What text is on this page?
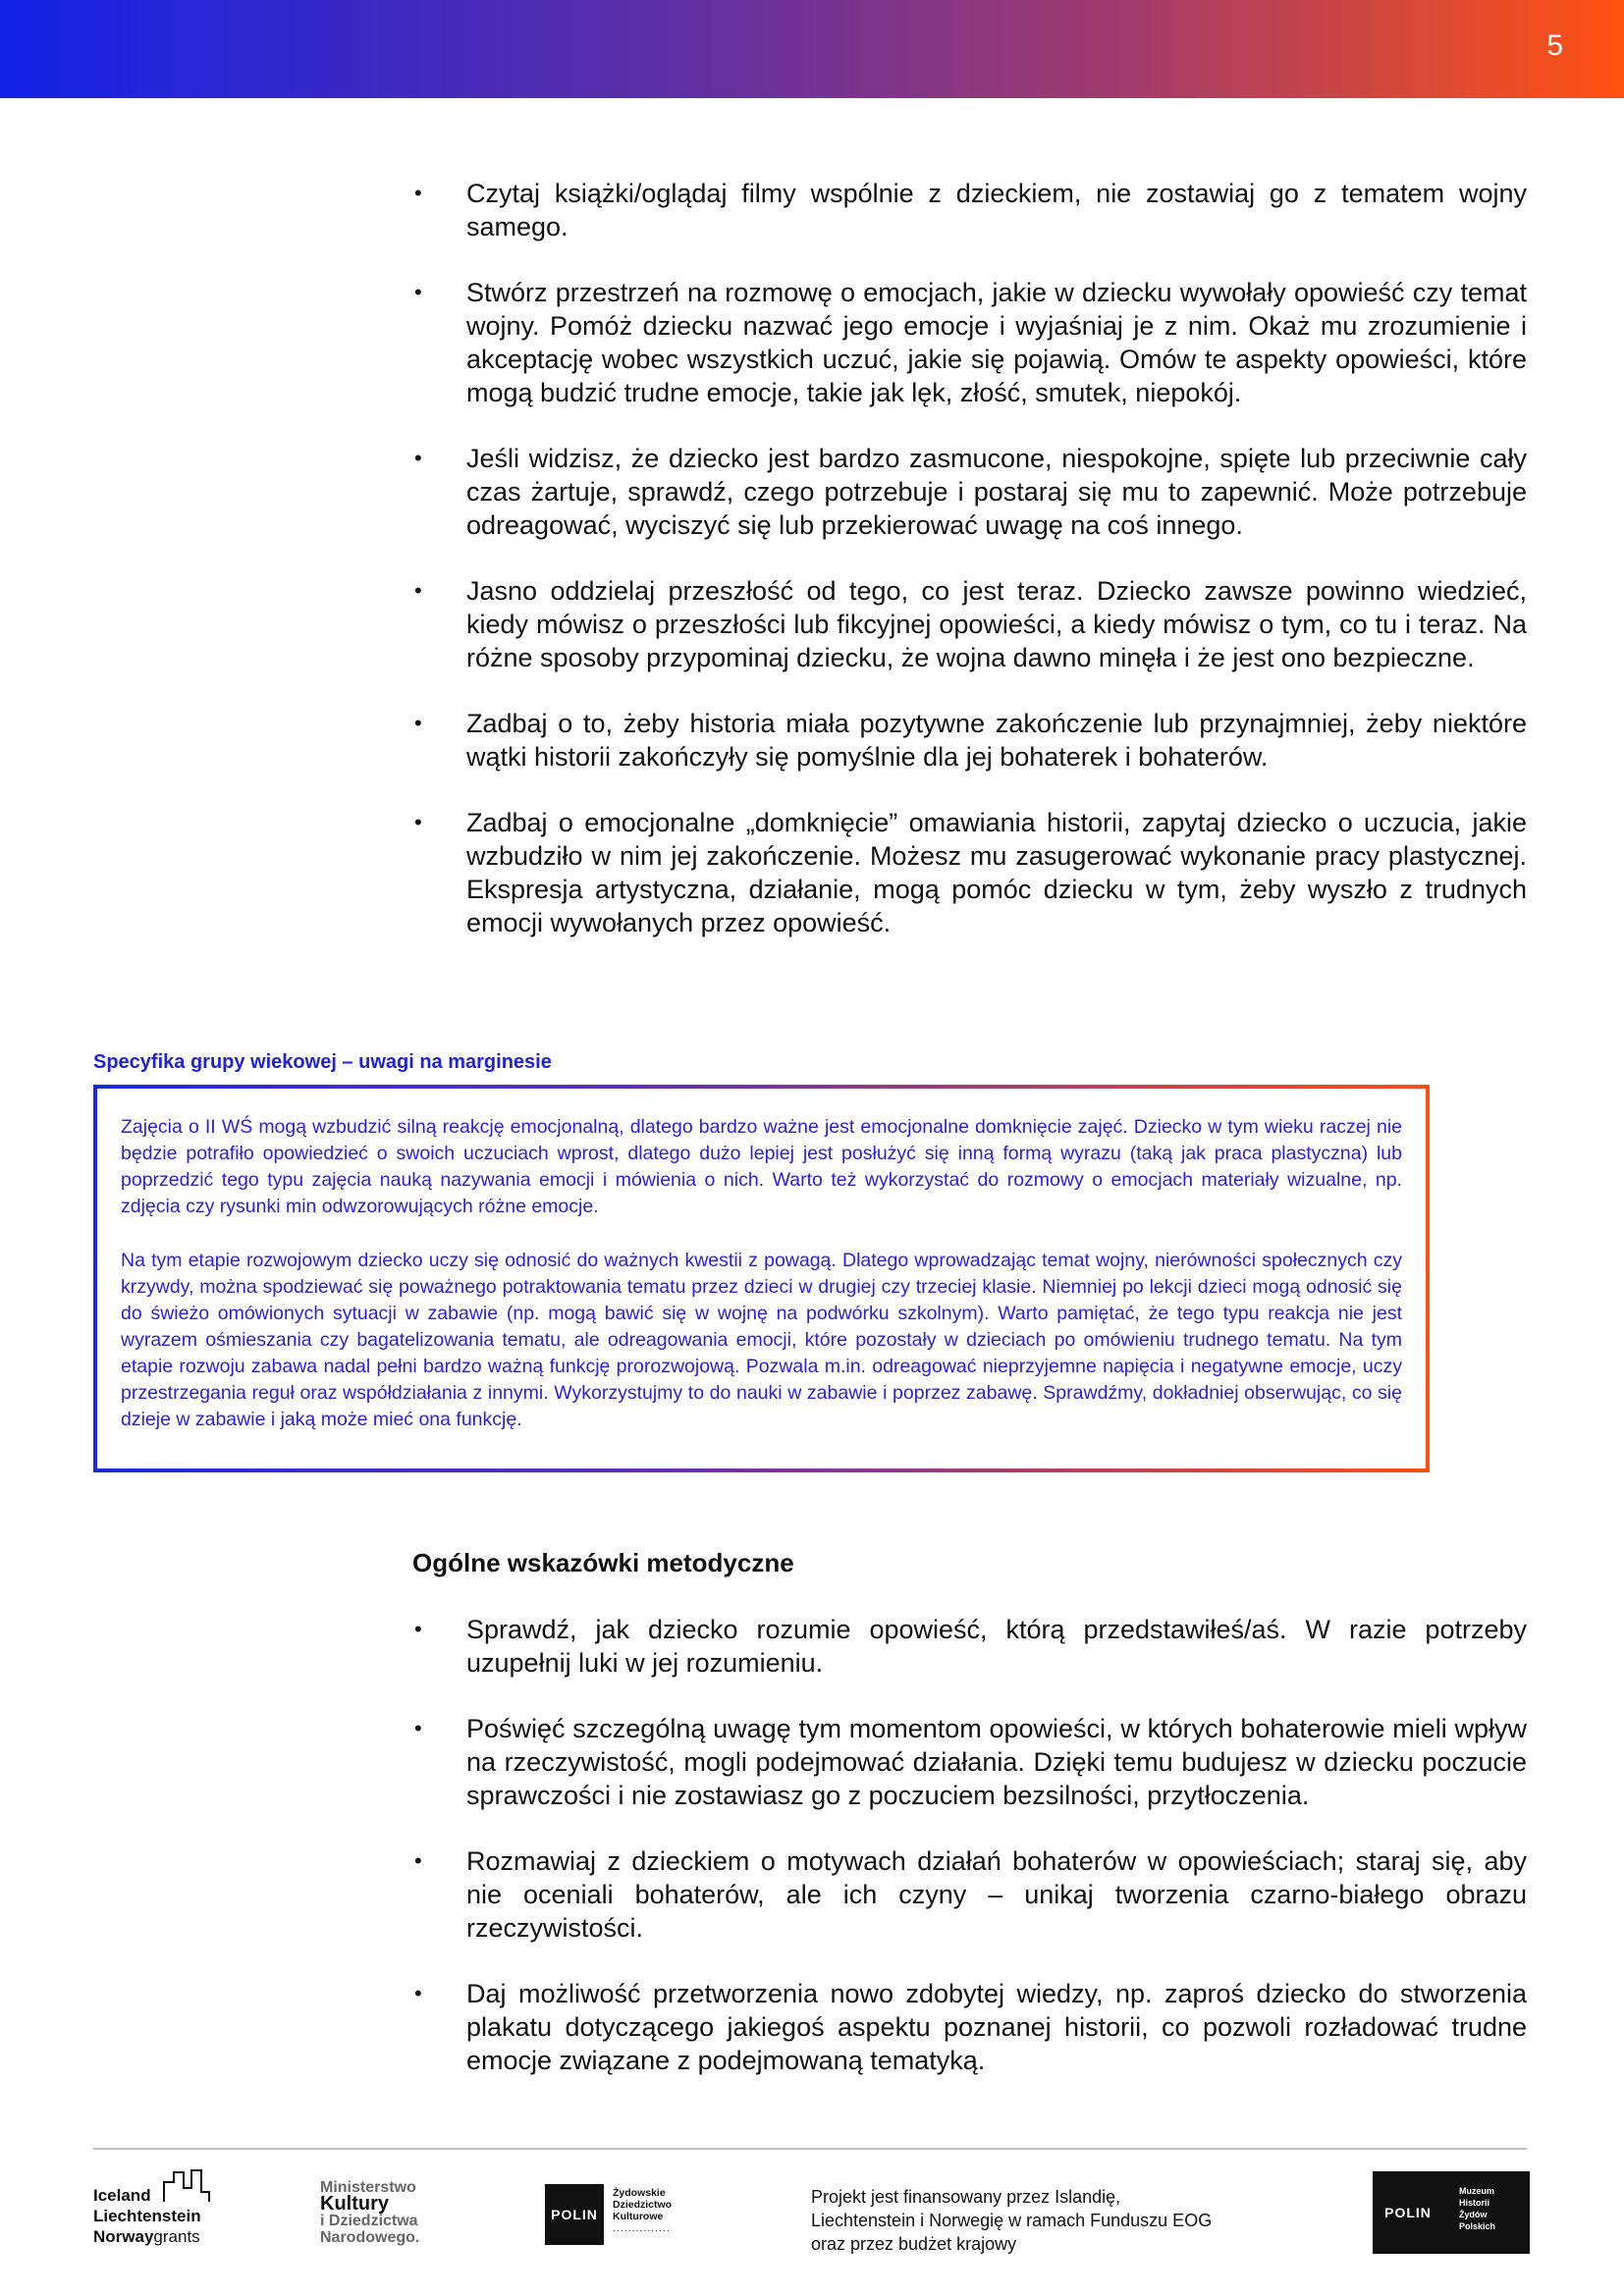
5
• Czytaj książki/oglądaj filmy wspólnie z dzieckiem, nie zostawiaj go z tematem wojny samego.
• Stwórz przestrzeń na rozmowę o emocjach, jakie w dziecku wywołały opowieść czy temat wojny. Pomóż dziecku nazwać jego emocje i wyjaśniaj je z nim. Okaż mu zrozumienie i akceptację wobec wszystkich uczuć, jakie się pojawią. Omów te aspekty opowieści, które mogą budzić trudne emocje, takie jak lęk, złość, smutek, niepokój.
• Jeśli widzisz, że dziecko jest bardzo zasmucone, niespokojne, spięte lub przeciwnie cały czas żartuje, sprawdź, czego potrzebuje i postaraj się mu to zapewnić. Może potrzebuje odreagować, wyciszyć się lub przekierować uwagę na coś innego.
• Jasno oddzielaj przeszłość od tego, co jest teraz. Dziecko zawsze powinno wiedzieć, kiedy mówisz o przeszłości lub fikcyjnej opowieści, a kiedy mówisz o tym, co tu i teraz. Na różne sposoby przypominaj dziecku, że wojna dawno minęła i że jest ono bezpieczne.
• Zadbaj o to, żeby historia miała pozytywne zakończenie lub przynajmniej, żeby niektóre wątki historii zakończyły się pomyślnie dla jej bohaterek i bohaterów.
• Zadbaj o emocjonalne „domknięcie” omawiania historii, zapytaj dziecko o uczucia, jakie wzbudziło w nim jej zakończenie. Możesz mu zasugerować wykonanie pracy plastycznej. Ekspresja artystyczna, działanie, mogą pomóc dziecku w tym, żeby wyszło z trudnych emocji wywołanych przez opowieść.
Specyfika grupy wiekowej – uwagi na marginesie

Zajęcia o II WŚ mogą wzbudzić silną reakcję emocjonalną, dlatego bardzo ważne jest emocjonalne domknięcie zajęć. Dziecko w tym wieku raczej nie będzie potrafiło opowiedzieć o swoich uczuciach wprost, dlatego dużo lepiej jest posłużyć się inną formą wyrazu (taką jak praca plastyczna) lub poprzedzić tego typu zajęcia nauką nazywania emocji i mówienia o nich. Warto też wykorzystać do rozmowy o emocjach materiały wizualne, np. zdjęcia czy rysunki min odwzorowujących różne emocje.

Na tym etapie rozwojowym dziecko uczy się odnosić do ważnych kwestii z powagą. Dlatego wprowadzając temat wojny, nierówności społecznych czy krzywdy, można spodziewać się poważnego potraktowania tematu przez dzieci w drugiej czy trzeciej klasie. Niemniej po lekcji dzieci mogą odnosić się do świeżo omówionych sytuacji w zabawie (np. mogą bawić się w wojnę na podwórku szkolnym). Warto pamiętać, że tego typu reakcja nie jest wyrazem ośmieszania czy bagatelizowania tematu, ale odreagowania emocji, które pozostały w dzieciach po omówieniu trudnego tematu. Na tym etapie rozwoju zabawa nadal pełni bardzo ważną funkcję prorozwojową. Pozwala m.in. odreagować nieprzyjemne napięcia i negatywne emocje, uczy przestrzegania reguł oraz współdziałania z innymi. Wykorzystujmy to do nauki w zabawie i poprzez zabawę. Sprawdźmy, dokładniej obserwując, co się dzieje w zabawie i jaką może mieć ona funkcję.

Ogólne wskazówki metodyczne
• Sprawdź, jak dziecko rozumie opowieść, którą przedstawiłeś/aś. W razie potrzeby uzupełnij luki w jej rozumieniu.
• Poświęć szczególną uwagę tym momentom opowieści, w których bohaterowie mieli wpływ na rzeczywistość, mogli podejmować działania. Dzięki temu budujesz w dziecku poczucie sprawczości i nie zostawiasz go z poczuciem bezsilności, przytłoczenia.
• Rozmawiaj z dzieckiem o motywach działań bohaterów w opowieściach; staraj się, aby nie oceniali bohaterów, ale ich czyny – unikaj tworzenia czarno-białego obrazu rzeczywistości.
• Daj możliwość przetworzenia nowo zdobytej wiedzy, np. zaproś dziecko do stworzenia plakatu dotyczącego jakiegoś aspektu poznanej historii, co pozwoli rozładować trudne emocje związane z podejmowaną tematyką.
Iceland
Liechtenstein
Norwaygrants
Ministerstwo
Kultury
i Dziedzictwa
Narodowego.
POLIN
Żydowskie
Dziedzictwo
Kulturowe
...............
Projekt jest finansowany przez Islandię,
Liechtenstein i Norwegię w ramach Funduszu EOG
oraz przez budżet krajowy
POLIN
Muzeum
Historii
Żydów
Polskich
